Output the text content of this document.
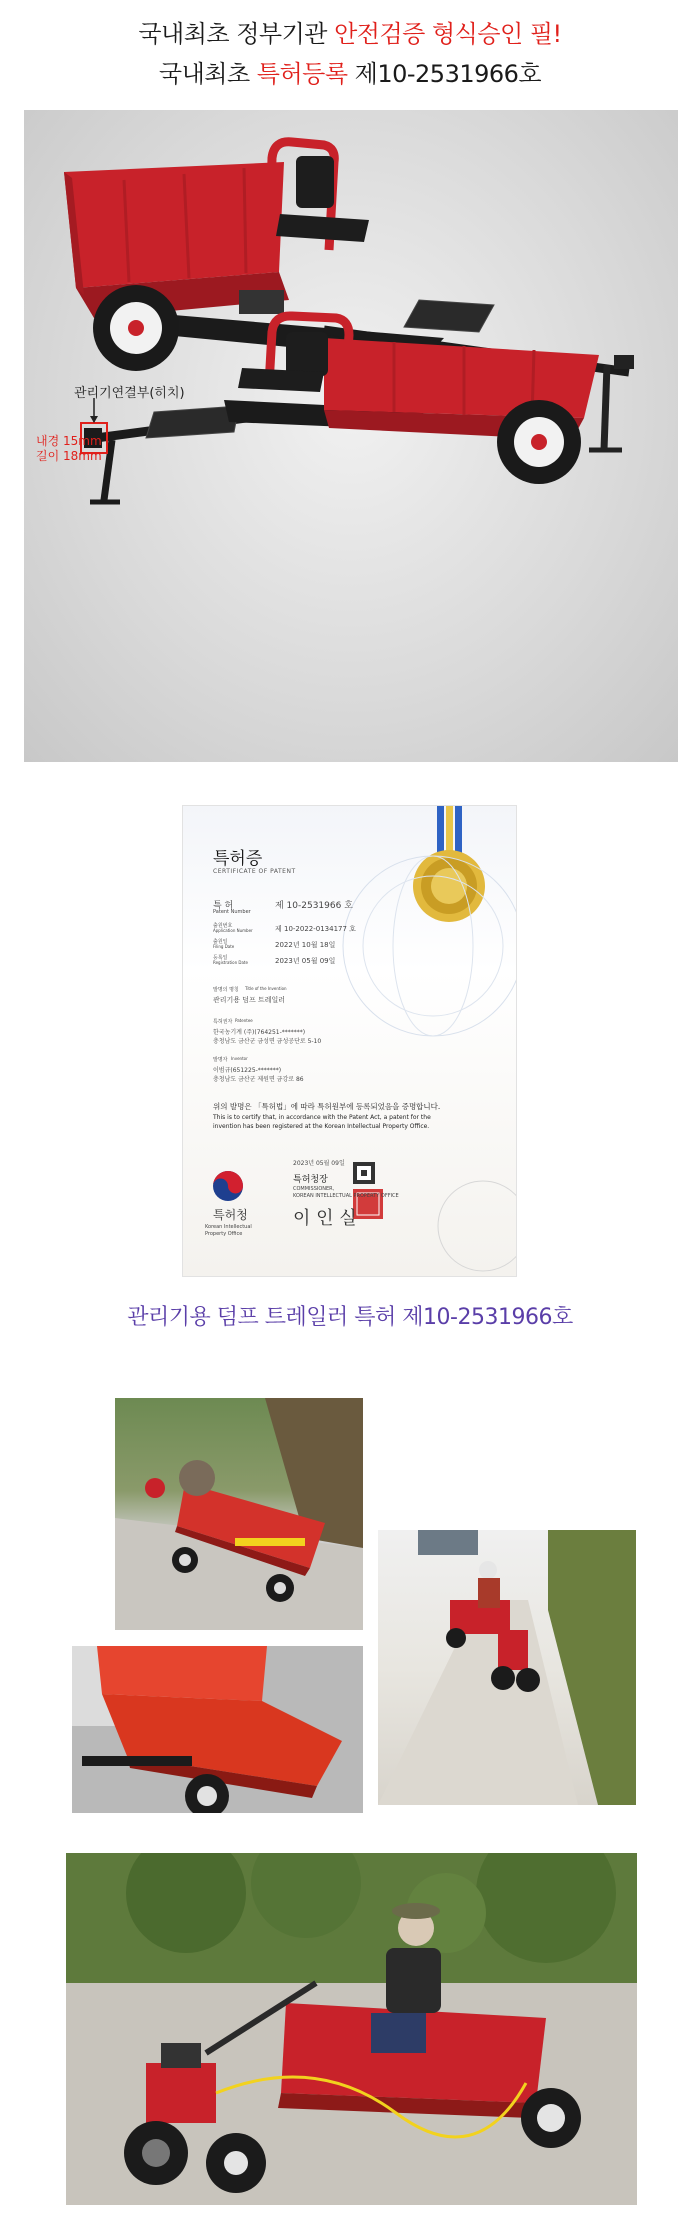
국내최초 정부기관 안전검증 형식승인 필!
국내최초 특허등록 제10-2531966호
관리기연결부(히치)
내경 15mm
길이 18mm
특허증
CERTIFICATE OF PATENT
특 허
Patent Number
제 10-2531966 호
출원번호
Application Number	제 10-2022-0134177 호
출원일
Filing Date	2022년 10월 18일
등록일
Registration Date	2023년 05월 09일
발명의 명칭 Title of the Invention
관리기용 덤프 트레일러
특허권자 Patentee
한국농기계 (주)(764251-*******)
충청남도 금산군 금성면 금성공단로 5-10
발명자 Inventor
이범규(651225-*******)
충청남도 금산군 제원면 금강로 86
위의 발명은 「특허법」에 따라 특허원부에 등록되었음을 증명합니다.
This is to certify that, in accordance with the Patent Act, a patent for the
invention has been registered at the Korean Intellectual Property Office.
2023년 05월 09일
특허청장
COMMISSIONER,
KOREAN INTELLECTUAL PROPERTY OFFICE
이 인 실
특허청
Korean Intellectual
Property Office
관리기용 덤프 트레일러 특허 제10-2531966호
